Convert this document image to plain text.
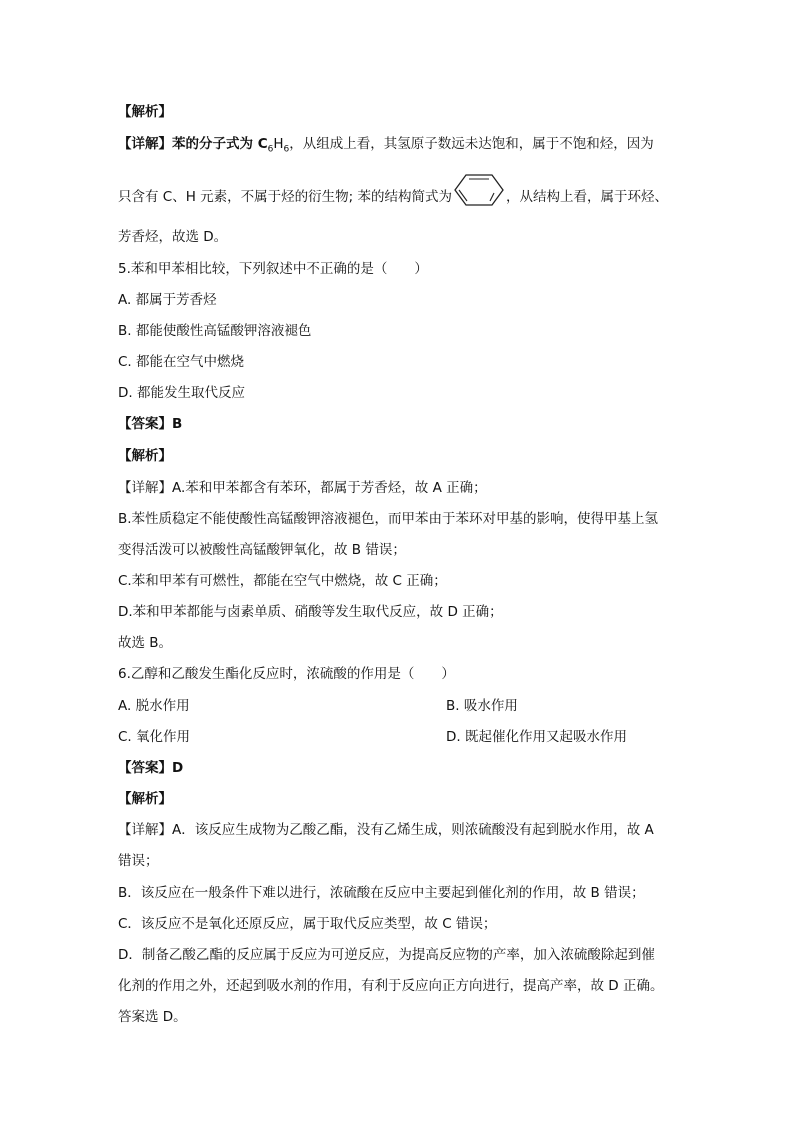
【解析】
【详解】苯的分子式为 $C_6H_6$，从组成上看，其氢原子数远未达饱和，属于不饱和烃，因为
只含有 C、H 元素，不属于烃的衍生物; 苯的结构简式为	，从结构上看，属于环烃、
芳香烃，故选 D。
5.苯和甲苯相比较，下列叙述中不正确的是（　　）
A. 都属于芳香烃
B. 都能使酸性高锰酸钾溶液褪色
C. 都能在空气中燃烧
D. 都能发生取代反应
【答案】B
【解析】
【详解】A.苯和甲苯都含有苯环，都属于芳香烃，故 A 正确；
B.苯性质稳定不能使酸性高锰酸钾溶液褪色，而甲苯由于苯环对甲基的影响，使得甲基上氢
变得活泼可以被酸性高锰酸钾氧化，故 B 错误；
C.苯和甲苯有可燃性，都能在空气中燃烧，故 C 正确；
D.苯和甲苯都能与卤素单质、硝酸等发生取代反应，故 D 正确；
故选 B。
6.乙醇和乙酸发生酯化反应时，浓硫酸的作用是（　　）
A. 脱水作用	B. 吸水作用
C. 氧化作用	D. 既起催化作用又起吸水作用
【答案】D
【解析】
【详解】A．该反应生成物为乙酸乙酯，没有乙烯生成，则浓硫酸没有起到脱水作用，故 A
错误；
B．该反应在一般条件下难以进行，浓硫酸在反应中主要起到催化剂的作用，故 B 错误；
C．该反应不是氧化还原反应，属于取代反应类型，故 C 错误；
D．制备乙酸乙酯的反应属于反应为可逆反应，为提高反应物的产率，加入浓硫酸除起到催
化剂的作用之外，还起到吸水剂的作用，有利于反应向正方向进行，提高产率，故 D 正确。
答案选 D。
